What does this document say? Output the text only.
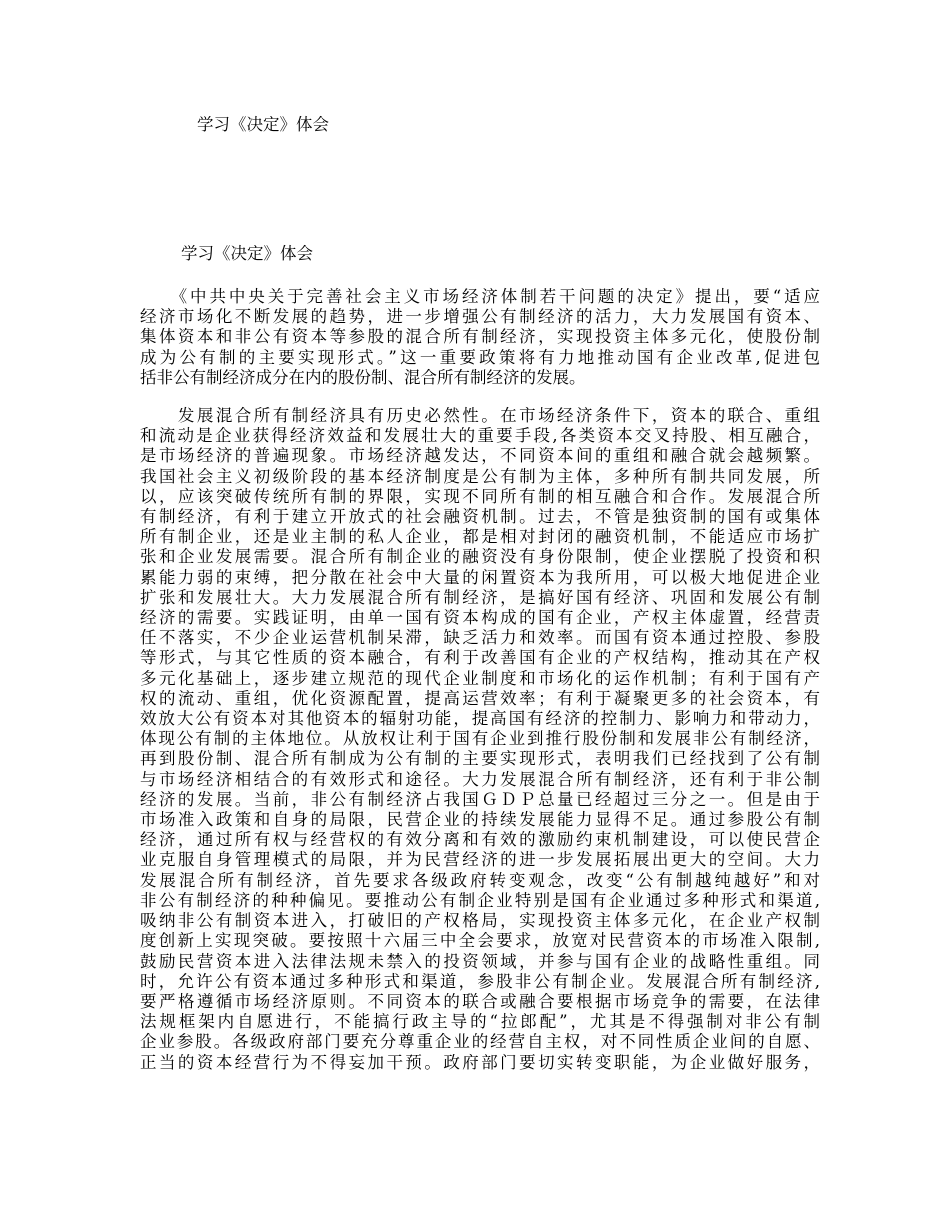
学习《决定》体会
学习《决定》体会
　　《中共中央关于完善社会主义市场经济体制若干问题的决定》提出，要“适应
经济市场化不断发展的趋势，进一步增强公有制经济的活力，大力发展国有资本、
集体资本和非公有资本等参股的混合所有制经济，实现投资主体多元化，使股份制
成为公有制的主要实现形式。”这一重要政策将有力地推动国有企业改革,促进包
括非公有制经济成分在内的股份制、混合所有制经济的发展。
　　发展混合所有制经济具有历史必然性。在市场经济条件下，资本的联合、重组
和流动是企业获得经济效益和发展壮大的重要手段,各类资本交叉持股、相互融合，
是市场经济的普遍现象。市场经济越发达，不同资本间的重组和融合就会越频繁。
我国社会主义初级阶段的基本经济制度是公有制为主体，多种所有制共同发展，所
以，应该突破传统所有制的界限，实现不同所有制的相互融合和合作。发展混合所
有制经济，有利于建立开放式的社会融资机制。过去，不管是独资制的国有或集体
所有制企业，还是业主制的私人企业，都是相对封闭的融资机制，不能适应市场扩
张和企业发展需要。混合所有制企业的融资没有身份限制，使企业摆脱了投资和积
累能力弱的束缚，把分散在社会中大量的闲置资本为我所用，可以极大地促进企业
扩张和发展壮大。大力发展混合所有制经济，是搞好国有经济、巩固和发展公有制
经济的需要。实践证明，由单一国有资本构成的国有企业，产权主体虚置，经营责
任不落实，不少企业运营机制呆滞，缺乏活力和效率。而国有资本通过控股、参股
等形式，与其它性质的资本融合，有利于改善国有企业的产权结构，推动其在产权
多元化基础上，逐步建立规范的现代企业制度和市场化的运作机制；有利于国有产
权的流动、重组，优化资源配置，提高运营效率；有利于凝聚更多的社会资本，有
效放大公有资本对其他资本的辐射功能，提高国有经济的控制力、影响力和带动力，
体现公有制的主体地位。从放权让利于国有企业到推行股份制和发展非公有制经济，
再到股份制、混合所有制成为公有制的主要实现形式，表明我们已经找到了公有制
与市场经济相结合的有效形式和途径。大力发展混合所有制经济，还有利于非公制
经济的发展。当前，非公有制经济占我国ＧＤＰ总量已经超过三分之一。但是由于
市场准入政策和自身的局限，民营企业的持续发展能力显得不足。通过参股公有制
经济，通过所有权与经营权的有效分离和有效的激励约束机制建设，可以使民营企
业克服自身管理模式的局限，并为民营经济的进一步发展拓展出更大的空间。大力
发展混合所有制经济，首先要求各级政府转变观念，改变“公有制越纯越好”和对
非公有制经济的种种偏见。要推动公有制企业特别是国有企业通过多种形式和渠道,
吸纳非公有制资本进入，打破旧的产权格局，实现投资主体多元化，在企业产权制
度创新上实现突破。要按照十六届三中全会要求，放宽对民营资本的市场准入限制,
鼓励民营资本进入法律法规未禁入的投资领域，并参与国有企业的战略性重组。同
时，允许公有资本通过多种形式和渠道，参股非公有制企业。发展混合所有制经济,
要严格遵循市场经济原则。不同资本的联合或融合要根据市场竞争的需要，在法律
法规框架内自愿进行，不能搞行政主导的“拉郎配”，尤其是不得强制对非公有制
企业参股。各级政府部门要充分尊重企业的经营自主权，对不同性质企业间的自愿、
正当的资本经营行为不得妄加干预。政府部门要切实转变职能，为企业做好服务，
